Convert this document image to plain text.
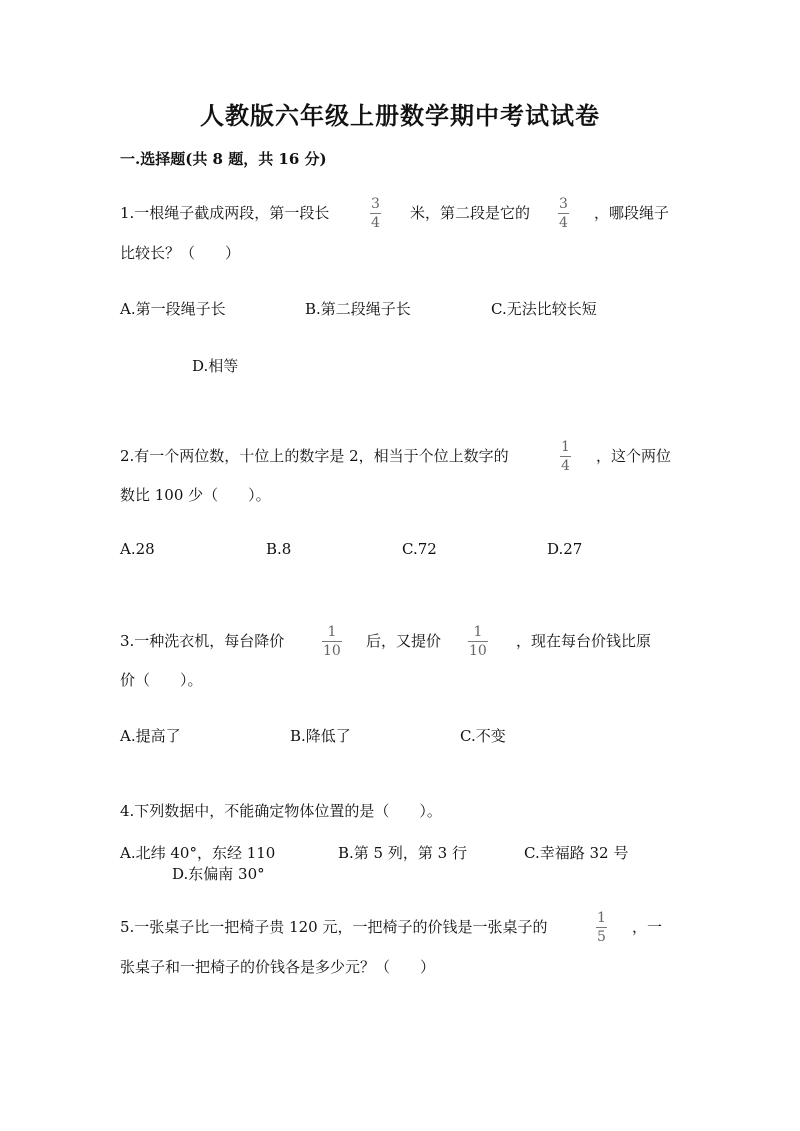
人教版六年级上册数学期中考试试卷
一.选择题(共 8 题，共 16 分)
1.一根绳子截成两段，第一段长	3
4
米，第二段是它的 3
4
，哪段绳子
比较长？（　　）
A.第一段绳子长	B.第二段绳子长	C.无法比较长短
D.相等
2.有一个两位数，十位上的数字是 2，相当于个位上数字的	1
4
，这个两位
数比 100 少（　　）。
A.28	B.8	C.72	D.27
3.一种洗衣机，每台降价	1
10
后，又提价 1
10
，现在每台价钱比原
价（　　）。
A.提高了	B.降低了	C.不变
4.下列数据中，不能确定物体位置的是（　　）。
A.北纬 40°，东经 110	B.第 5 列，第 3 行	C.幸福路 32 号
D.东偏南 30°
5.一张桌子比一把椅子贵 120 元，一把椅子的价钱是一张桌子的	1
5
，一
张桌子和一把椅子的价钱各是多少元？（　　）
